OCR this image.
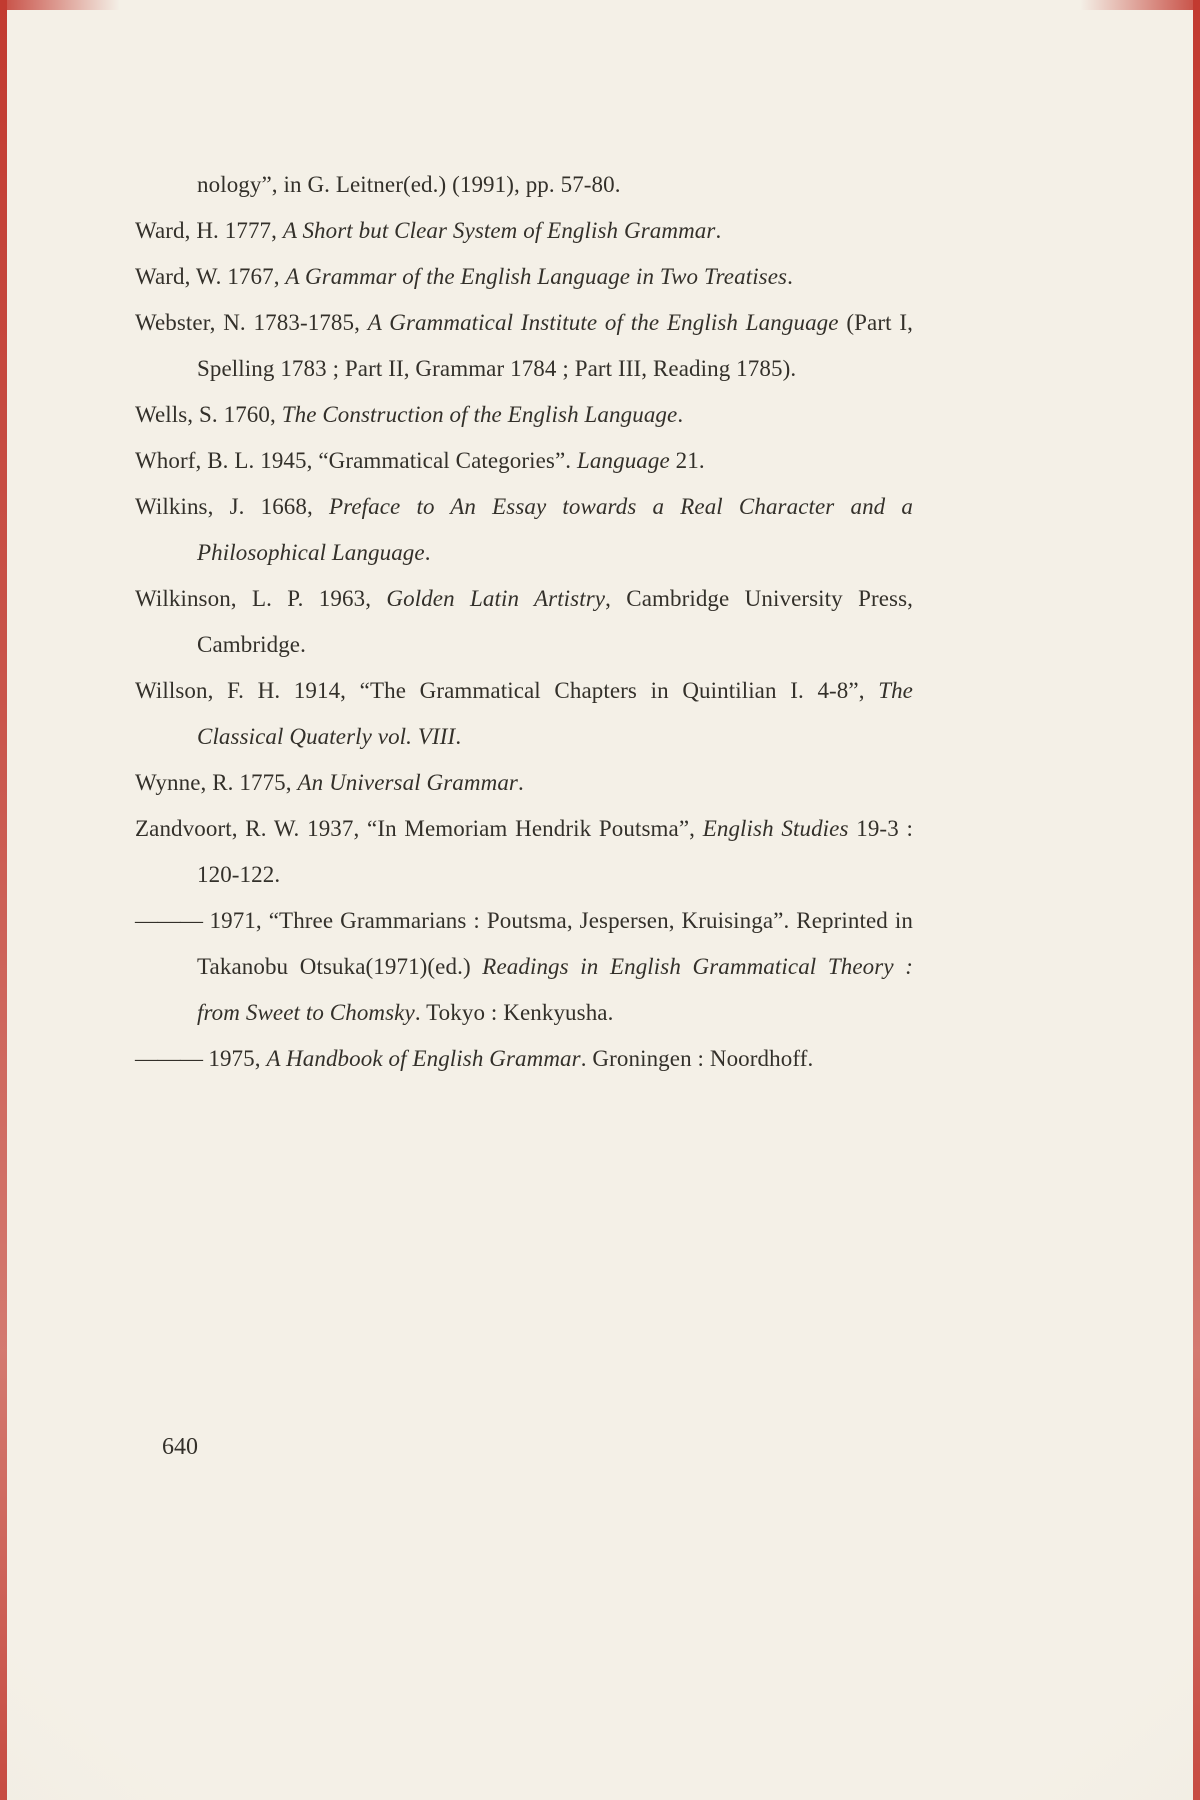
nology”, in G. Leitner(ed.) (1991), pp. 57-80.

Ward, H. 1777, A Short but Clear System of English Grammar.

Ward, W. 1767, A Grammar of the English Language in Two Treatises.

Webster, N. 1783-1785, A Grammatical Institute of the English Language (Part I, Spelling 1783 ; Part II, Grammar 1784 ; Part III, Reading 1785).

Wells, S. 1760, The Construction of the English Language.

Whorf, B. L. 1945, “Grammatical Categories”. Language 21.

Wilkins, J. 1668, Preface to An Essay towards a Real Character and a Philosophical Language.

Wilkinson, L. P. 1963, Golden Latin Artistry, Cambridge University Press, Cambridge.

Willson, F. H. 1914, “The Grammatical Chapters in Quintilian I. 4-8”, The Classical Quaterly vol. VIII.

Wynne, R. 1775, An Universal Grammar.

Zandvoort, R. W. 1937, “In Memoriam Hendrik Poutsma”, English Studies 19-3 : 120-122.

——— 1971, “Three Grammarians : Poutsma, Jespersen, Kruisinga”. Reprinted in Takanobu Otsuka(1971)(ed.) Readings in English Grammatical Theory : from Sweet to Chomsky. Tokyo : Kenkyusha.

——— 1975, A Handbook of English Grammar. Groningen : Noordhoff.

640
